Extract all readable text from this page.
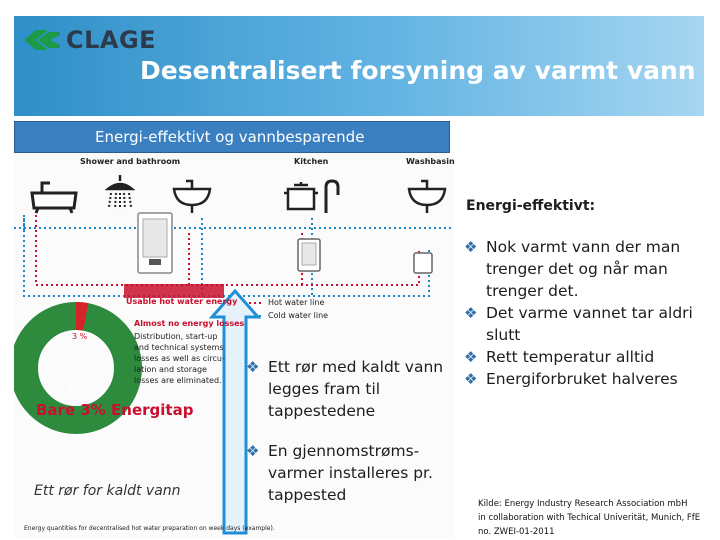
CLAGE
Desentralisert forsyning av varmt vann
Energi-effektivt og vannbesparende
Shower and bathroom	Kitchen	Washbasin
Hot water line
Cold water line
Usable hot water energy
Almost no energy losses
Distribution, start-up
and technical systems
losses as well as circu-
lation and storage
losses are eliminated.
3 %
97 %
Bare 3% Energitap
Ett rør for kaldt vann
Energy quantities for decentralised hot water preparation on week days (example).
Energi-effektivt:
❖ Nok varmt vann der man trenger det og når man trenger det.
❖ Det varme vannet tar aldri slutt
❖ Rett temperatur alltid
❖ Energiforbruket halveres
❖ Ett rør med kaldt vann legges fram til tappestedene
❖ En gjennomstrøms-varmer installeres pr. tappested	Kilde: Energy Industry Research Association mbH
in collaboration with Techical Univerität, Munich, FfE
no. ZWEI-01-2011
